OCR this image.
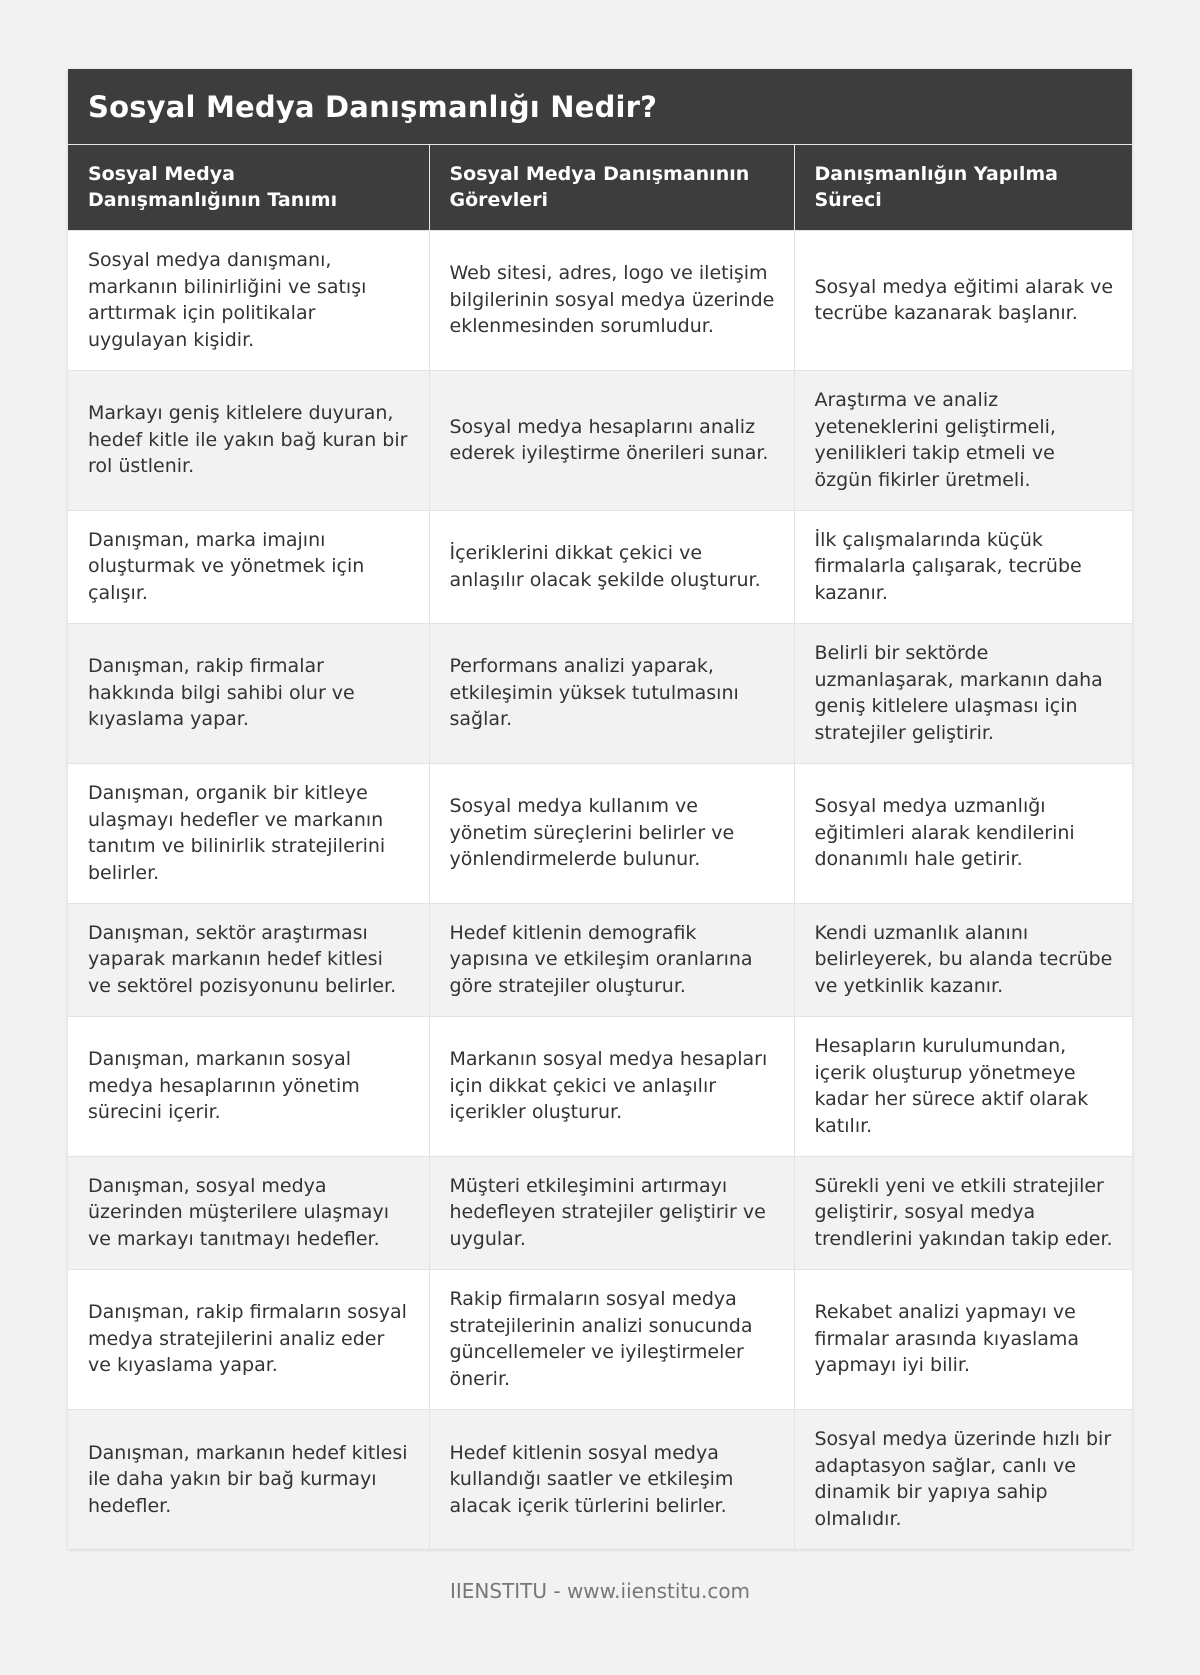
Sosyal Medya Danışmanlığı Nedir?
Sosyal Medya Danışmanlığının Tanımı	Sosyal Medya Danışmanının Görevleri	Danışmanlığın Yapılma Süreci
Sosyal medya danışmanı, markanın bilinirliğini ve satışı arttırmak için politikalar uygulayan kişidir.	Web sitesi, adres, logo ve iletişim bilgilerinin sosyal medya üzerinde eklenmesinden sorumludur.	Sosyal medya eğitimi alarak ve tecrübe kazanarak başlanır.
Markayı geniş kitlelere duyuran, hedef kitle ile yakın bağ kuran bir rol üstlenir.	Sosyal medya hesaplarını analiz ederek iyileştirme önerileri sunar.	Araştırma ve analiz yeteneklerini geliştirmeli, yenilikleri takip etmeli ve özgün fikirler üretmeli.
Danışman, marka imajını oluşturmak ve yönetmek için çalışır.	İçeriklerini dikkat çekici ve anlaşılır olacak şekilde oluşturur.	İlk çalışmalarında küçük firmalarla çalışarak, tecrübe kazanır.
Danışman, rakip firmalar hakkında bilgi sahibi olur ve kıyaslama yapar.	Performans analizi yaparak, etkileşimin yüksek tutulmasını sağlar.	Belirli bir sektörde uzmanlaşarak, markanın daha geniş kitlelere ulaşması için stratejiler geliştirir.
Danışman, organik bir kitleye ulaşmayı hedefler ve markanın tanıtım ve bilinirlik stratejilerini belirler.	Sosyal medya kullanım ve yönetim süreçlerini belirler ve yönlendirmelerde bulunur.	Sosyal medya uzmanlığı eğitimleri alarak kendilerini donanımlı hale getirir.
Danışman, sektör araştırması yaparak markanın hedef kitlesi ve sektörel pozisyonunu belirler.	Hedef kitlenin demografik yapısına ve etkileşim oranlarına göre stratejiler oluşturur.	Kendi uzmanlık alanını belirleyerek, bu alanda tecrübe ve yetkinlik kazanır.
Danışman, markanın sosyal medya hesaplarının yönetim sürecini içerir.	Markanın sosyal medya hesapları için dikkat çekici ve anlaşılır içerikler oluşturur.	Hesapların kurulumundan, içerik oluşturup yönetmeye kadar her sürece aktif olarak katılır.
Danışman, sosyal medya üzerinden müşterilere ulaşmayı ve markayı tanıtmayı hedefler.	Müşteri etkileşimini artırmayı hedefleyen stratejiler geliştirir ve uygular.	Sürekli yeni ve etkili stratejiler geliştirir, sosyal medya trendlerini yakından takip eder.
Danışman, rakip firmaların sosyal medya stratejilerini analiz eder ve kıyaslama yapar.	Rakip firmaların sosyal medya stratejilerinin analizi sonucunda güncellemeler ve iyileştirmeler önerir.	Rekabet analizi yapmayı ve firmalar arasında kıyaslama yapmayı iyi bilir.
Danışman, markanın hedef kitlesi ile daha yakın bir bağ kurmayı hedefler.	Hedef kitlenin sosyal medya kullandığı saatler ve etkileşim alacak içerik türlerini belirler.	Sosyal medya üzerinde hızlı bir adaptasyon sağlar, canlı ve dinamik bir yapıya sahip olmalıdır.
IIENSTITU - www.iienstitu.com
